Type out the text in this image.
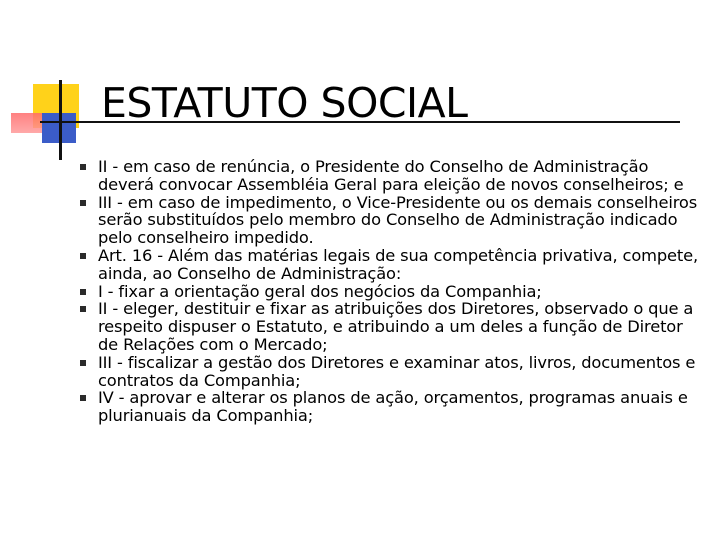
ESTATUTO SOCIAL
II - em caso de renúncia, o Presidente do Conselho de Administração deverá convocar Assembléia Geral para eleição de novos conselheiros; e
III - em caso de impedimento, o Vice-Presidente ou os demais conselheiros serão substituídos pelo membro do Conselho de Administração indicado pelo conselheiro impedido.
Art. 16 - Além das matérias legais de sua competência privativa, compete, ainda, ao Conselho de Administração:
I - fixar a orientação geral dos negócios da Companhia;
II - eleger, destituir e fixar as atribuições dos Diretores, observado o que a respeito dispuser o Estatuto, e atribuindo a um deles a função de Diretor de Relações com o Mercado;
III - fiscalizar a gestão dos Diretores e examinar atos, livros, documentos e contratos da Companhia;
IV - aprovar e alterar os planos de ação, orçamentos, programas anuais e plurianuais da Companhia;
